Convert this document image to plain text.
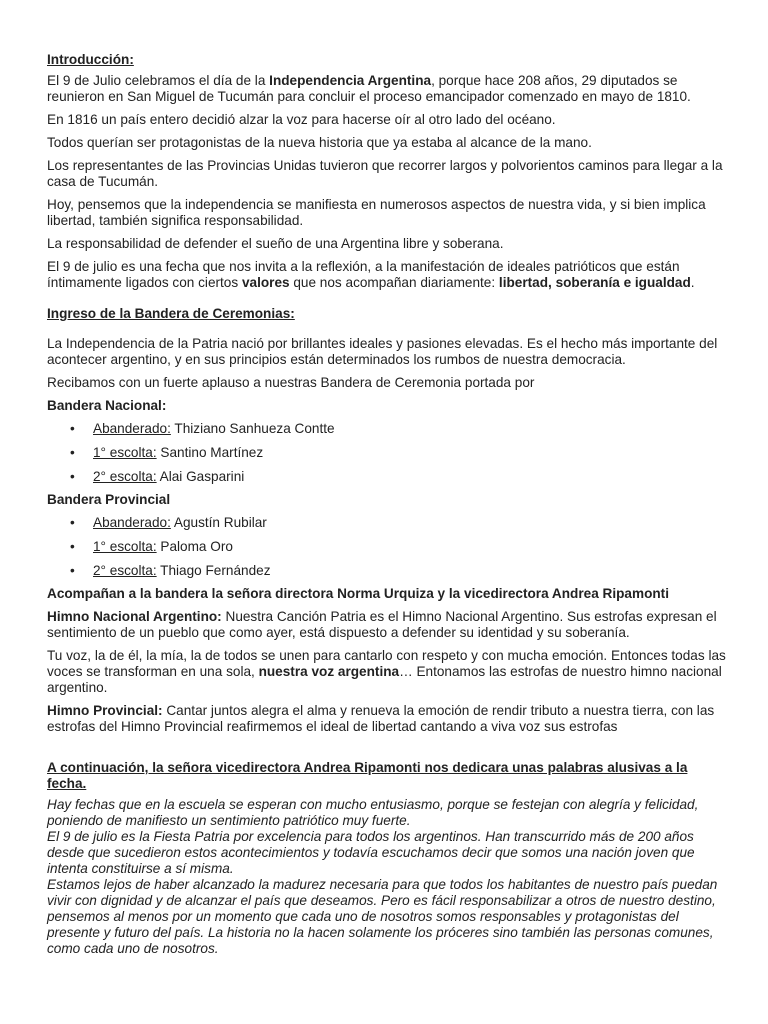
Introducción:

El 9 de Julio celebramos el día de la Independencia Argentina, porque hace 208 años, 29 diputados se reunieron en San Miguel de Tucumán para concluir el proceso emancipador comenzado en mayo de 1810.

En 1816 un país entero decidió alzar la voz para hacerse oír al otro lado del océano.

Todos querían ser protagonistas de la nueva historia que ya estaba al alcance de la mano.

Los representantes de las Provincias Unidas tuvieron que recorrer largos y polvorientos caminos para llegar a la casa de Tucumán.

Hoy, pensemos que la independencia se manifiesta en numerosos aspectos de nuestra vida, y si bien implica libertad, también significa responsabilidad.

La responsabilidad de defender el sueño de una Argentina libre y soberana.

El 9 de julio es una fecha que nos invita a la reflexión, a la manifestación de ideales patrióticos que están íntimamente ligados con ciertos valores que nos acompañan diariamente: libertad, soberanía e igualdad.

Ingreso de la Bandera de Ceremonias:

La Independencia de la Patria nació por brillantes ideales y pasiones elevadas. Es el hecho más importante del acontecer argentino, y en sus principios están determinados los rumbos de nuestra democracia.

Recibamos con un fuerte aplauso a nuestras Bandera de Ceremonia portada por

Bandera Nacional:

• Abanderado: Thiziano Sanhueza Contte
• 1° escolta: Santino Martínez
• 2° escolta: Alai Gasparini

Bandera Provincial

• Abanderado: Agustín Rubilar
• 1° escolta: Paloma Oro
• 2° escolta: Thiago Fernández

Acompañan a la bandera la señora directora Norma Urquiza y la vicedirectora Andrea Ripamonti

Himno Nacional Argentino: Nuestra Canción Patria es el Himno Nacional Argentino. Sus estrofas expresan el sentimiento de un pueblo que como ayer, está dispuesto a defender su identidad y su soberanía.

Tu voz, la de él, la mía, la de todos se unen para cantarlo con respeto y con mucha emoción. Entonces todas las voces se transforman en una sola, nuestra voz argentina… Entonamos las estrofas de nuestro himno nacional argentino.

Himno Provincial: Cantar juntos alegra el alma y renueva la emoción de rendir tributo a nuestra tierra, con las estrofas del Himno Provincial reafirmemos el ideal de libertad cantando a viva voz sus estrofas

A continuación, la señora vicedirectora Andrea Ripamonti nos dedicara unas palabras alusivas a la fecha.

Hay fechas que en la escuela se esperan con mucho entusiasmo, porque se festejan con alegría y felicidad, poniendo de manifiesto un sentimiento patriótico muy fuerte.

El 9 de julio es la Fiesta Patria por excelencia para todos los argentinos. Han transcurrido más de 200 años desde que sucedieron estos acontecimientos y todavía escuchamos decir que somos una nación joven que intenta constituirse a sí misma.

Estamos lejos de haber alcanzado la madurez necesaria para que todos los habitantes de nuestro país puedan vivir con dignidad y de alcanzar el país que deseamos. Pero es fácil responsabilizar a otros de nuestro destino, pensemos al menos por un momento que cada uno de nosotros somos responsables y protagonistas del presente y futuro del país. La historia no la hacen solamente los próceres sino también las personas comunes, como cada uno de nosotros.
